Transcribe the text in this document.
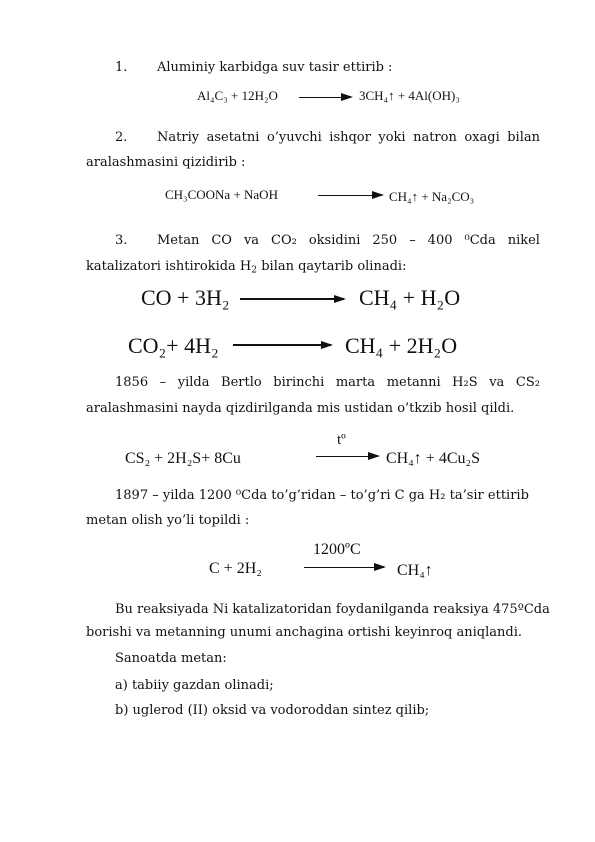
1. Aluminiy karbidga suv tasir ettirib :
Al₄C₃ + 12H₂O	3CH₄↑ + 4Al(OH)₃
2. Natriy asetatni o’yuvchi ishqor yoki natron oxagi bilan
aralashmasini qizidirib :
CH₃COONa + NaOH	CH₄↑ + Na₂CO₃
3. Metan CO va CO₂ oksidini 250 – 400 ⁰Cda nikel
katalizatori ishtirokida $H_2$ bilan qaytarib olinadi:
CO + 3H₂	CH₄ + H₂O
CO₂+ 4H₂	CH₄ + 2H₂O
1856 – yilda Bertlo birinchi marta metanni H₂S va CS₂
aralashmasini nayda qizdirilganda mis ustidan o’tkzib hosil qildi.
tº
CS₂ + 2H₂S+ 8Cu	CH₄↑ + 4Cu₂S
1897 – yilda 1200 ⁰Cda to’g’ridan – to’g’ri C ga H₂ ta’sir ettirib
metan olish yo’li topildi :
1200ºC
C + 2H₂	CH₄↑
Bu reaksiyada Ni katalizatoridan foydanilganda reaksiya 475ºCda
borishi va metanning unumi anchagina ortishi keyinroq aniqlandi.
Sanoatda metan:
a) tabiiy gazdan olinadi;
b) uglerod (II) oksid va vodoroddan sintez qilib;
